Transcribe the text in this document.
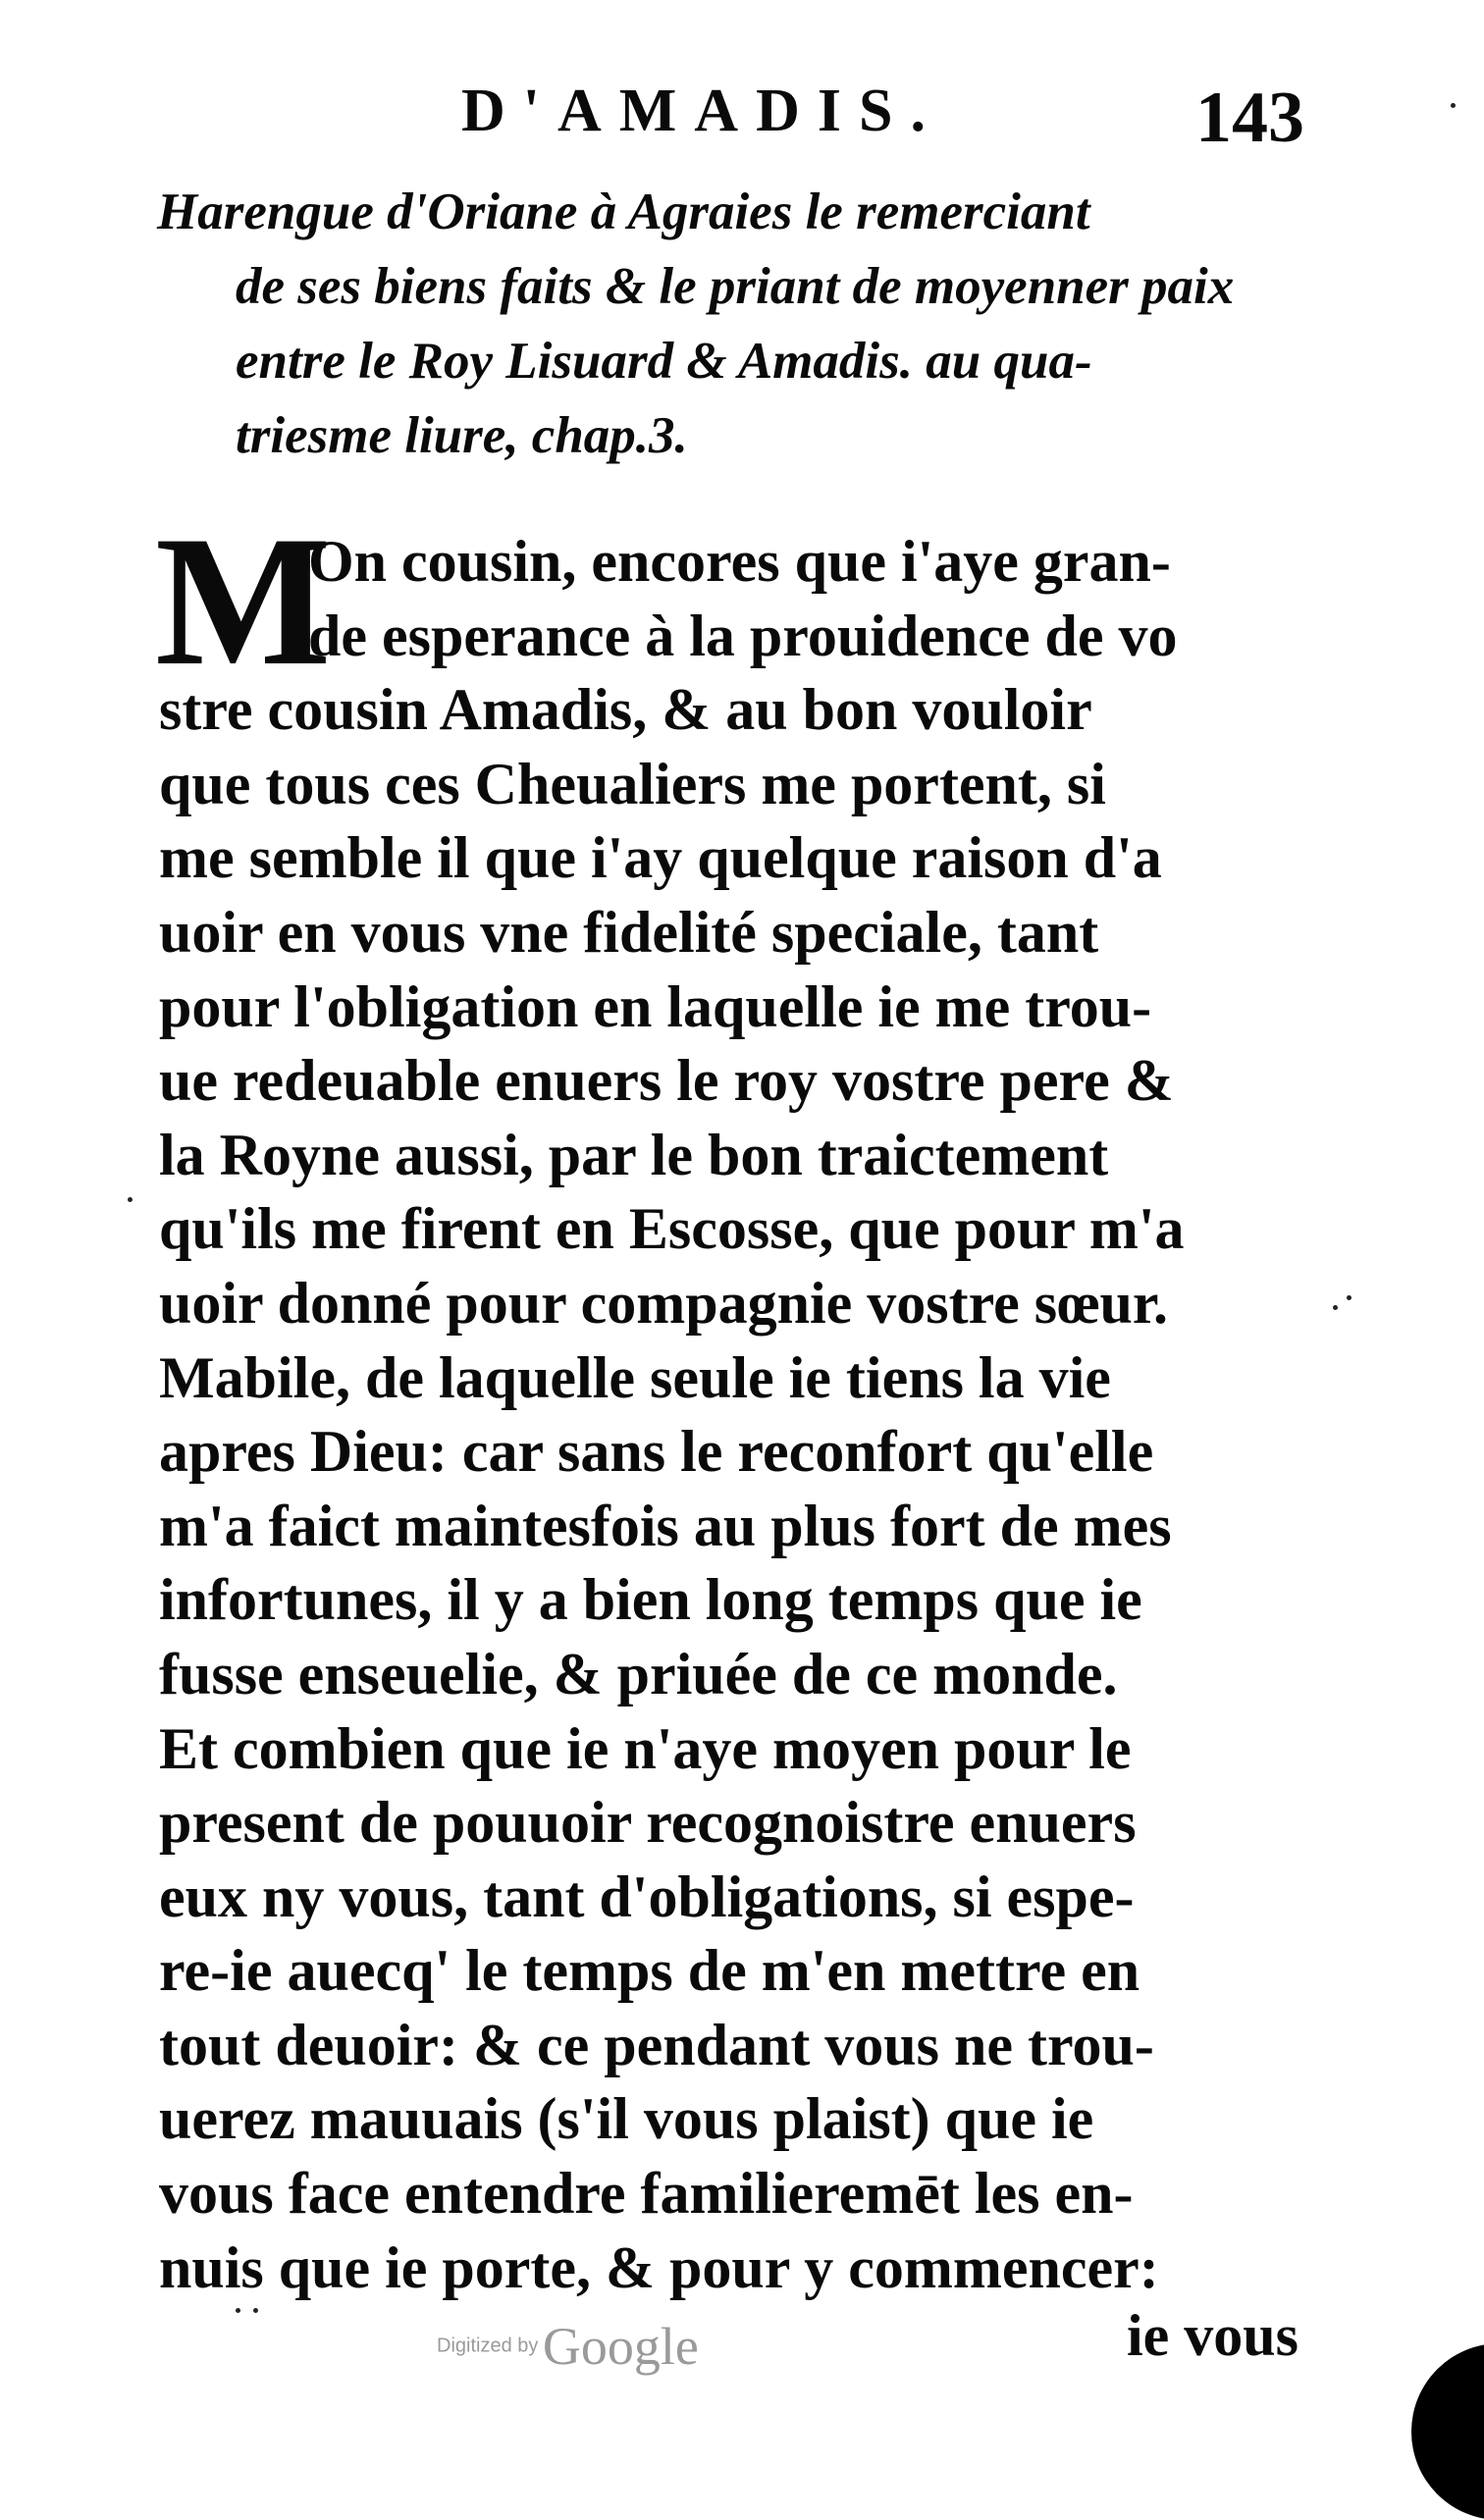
D'AMADIS.	143
Harengue d'Oriane à Agraies le remerciant
de ses biens faits & le priant de moyenner paix
entre le Roy Lisuard & Amadis. au qua-
triesme liure, chap.3.
M
On cousin, encores que i'aye gran-
de esperance à la prouidence de vo
stre cousin Amadis, & au bon vouloir
que tous ces Cheualiers me portent, si
me semble il que i'ay quelque raison d'a
uoir en vous vne fidelité speciale, tant
pour l'obligation en laquelle ie me trou-
ue redeuable enuers le roy vostre pere &
la Royne aussi, par le bon traictement
qu'ils me firent en Escosse, que pour m'a
uoir donné pour compagnie vostre sœur.
Mabile, de laquelle seule ie tiens la vie
apres Dieu: car sans le reconfort qu'elle
m'a faict maintesfois au plus fort de mes
infortunes, il y a bien long temps que ie
fusse enseuelie, & priuée de ce monde.
Et combien que ie n'aye moyen pour le
present de pouuoir recognoistre enuers
eux ny vous, tant d'obligations, si espe-
re-ie auecq' le temps de m'en mettre en
tout deuoir: & ce pendant vous ne trou-
uerez mauuais (s'il vous plaist) que ie
vous face entendre familieremēt les en-
nuis que ie porte, & pour y commencer:
ie vous
Digitized by Google
